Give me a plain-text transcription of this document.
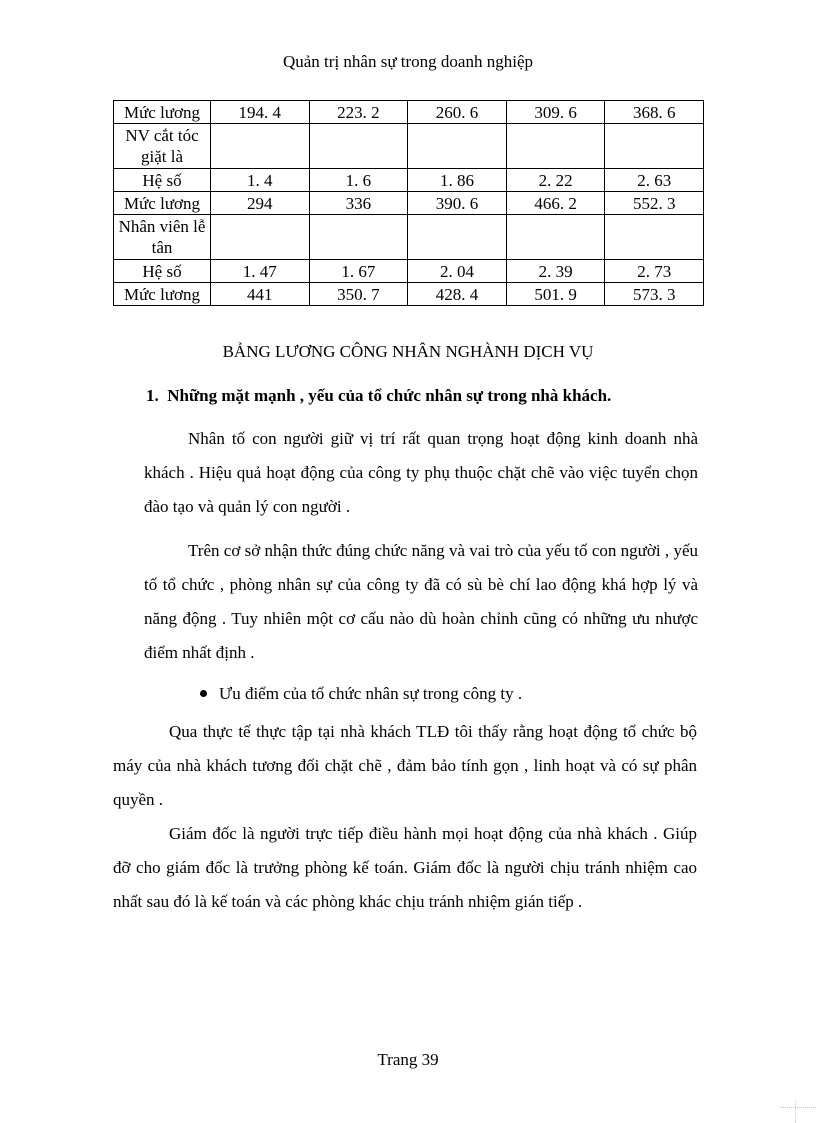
Quản trị nhân sự trong doanh nghiệp
Mức lương	194. 4	223. 2	260. 6	309. 6	368. 6
NV cắt tóc giặt là					
Hệ số	1. 4	1. 6	1. 86	2. 22	2. 63
Mức lương	294	336	390. 6	466. 2	552. 3
Nhân viên lễ tân					
Hệ số	1. 47	1. 67	2. 04	2. 39	2. 73
Mức lương	441	350. 7	428. 4	501. 9	573. 3
BẢNG LƯƠNG CÔNG NHÂN NGHÀNH DỊCH VỤ
1. Những mặt mạnh , yếu của tổ chức nhân sự trong nhà khách.
Nhân tố con người giữ vị trí rất quan trọng hoạt động kinh doanh nhà khách . Hiệu quả hoạt động của công ty phụ thuộc chặt chẽ vào việc tuyển chọn đào tạo và quản lý con người .
Trên cơ sở nhận thức đúng chức năng và vai trò của yếu tố con người , yếu tố tổ chức , phòng nhân sự của công ty đã có sù bè chí lao động khá hợp lý và năng động . Tuy nhiên một cơ cấu nào dù hoàn chỉnh cũng có những ưu nhược điểm nhất định .
Ưu điểm của tổ chức nhân sự trong công ty .
Qua thực tế thực tập tại nhà khách TLĐ tôi thấy rằng hoạt động tổ chức bộ máy của nhà khách tương đối chặt chẽ , đảm bảo tính gọn , linh hoạt và có sự phân quyền .
Giám đốc là người trực tiếp điều hành mọi hoạt động của nhà khách . Giúp đỡ cho giám đốc là trưởng phòng kế toán. Giám đốc là người chịu tránh nhiệm cao nhất sau đó là kế toán và các phòng khác chịu tránh nhiệm gián tiếp .
Trang 39
